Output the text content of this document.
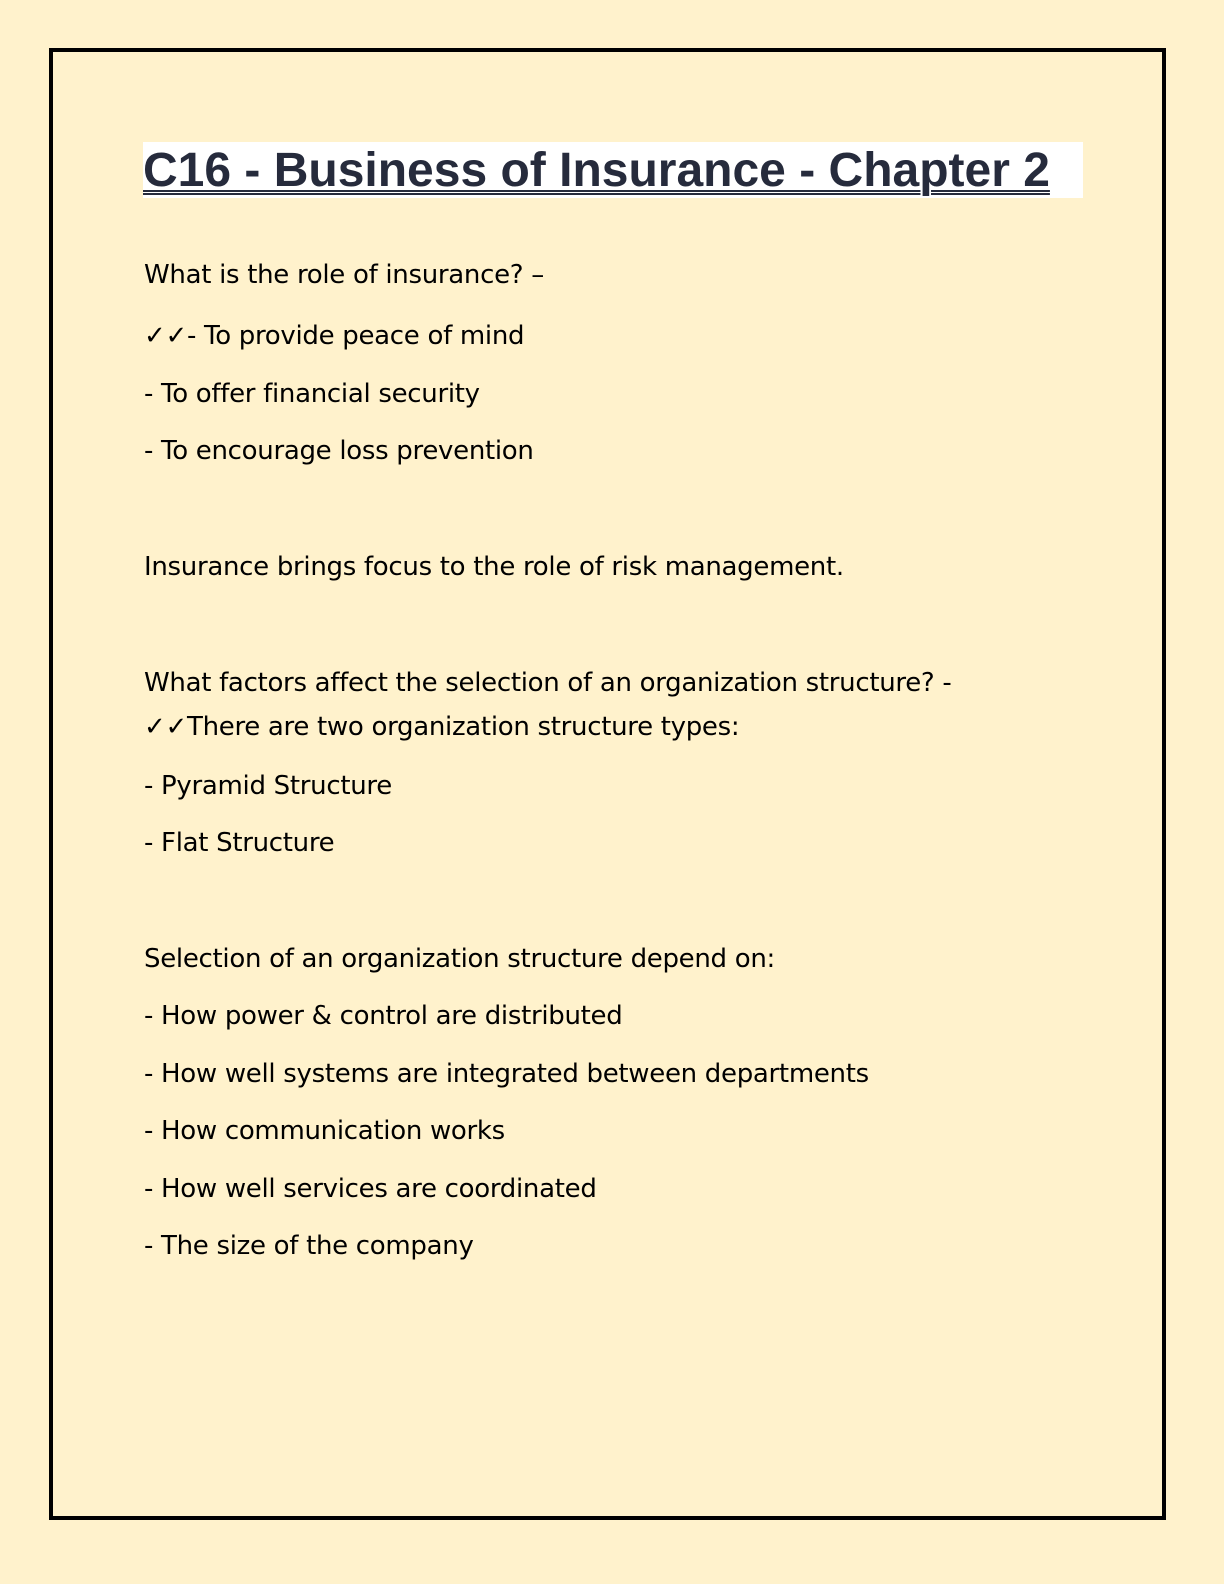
C16 - Business of Insurance - Chapter 2

What is the role of insurance? –

✓✓- To provide peace of mind

- To offer financial security

- To encourage loss prevention

Insurance brings focus to the role of risk management.

What factors affect the selection of an organization structure? -

✓✓There are two organization structure types:

- Pyramid Structure

- Flat Structure

Selection of an organization structure depend on:

- How power & control are distributed

- How well systems are integrated between departments

- How communication works

- How well services are coordinated

- The size of the company
